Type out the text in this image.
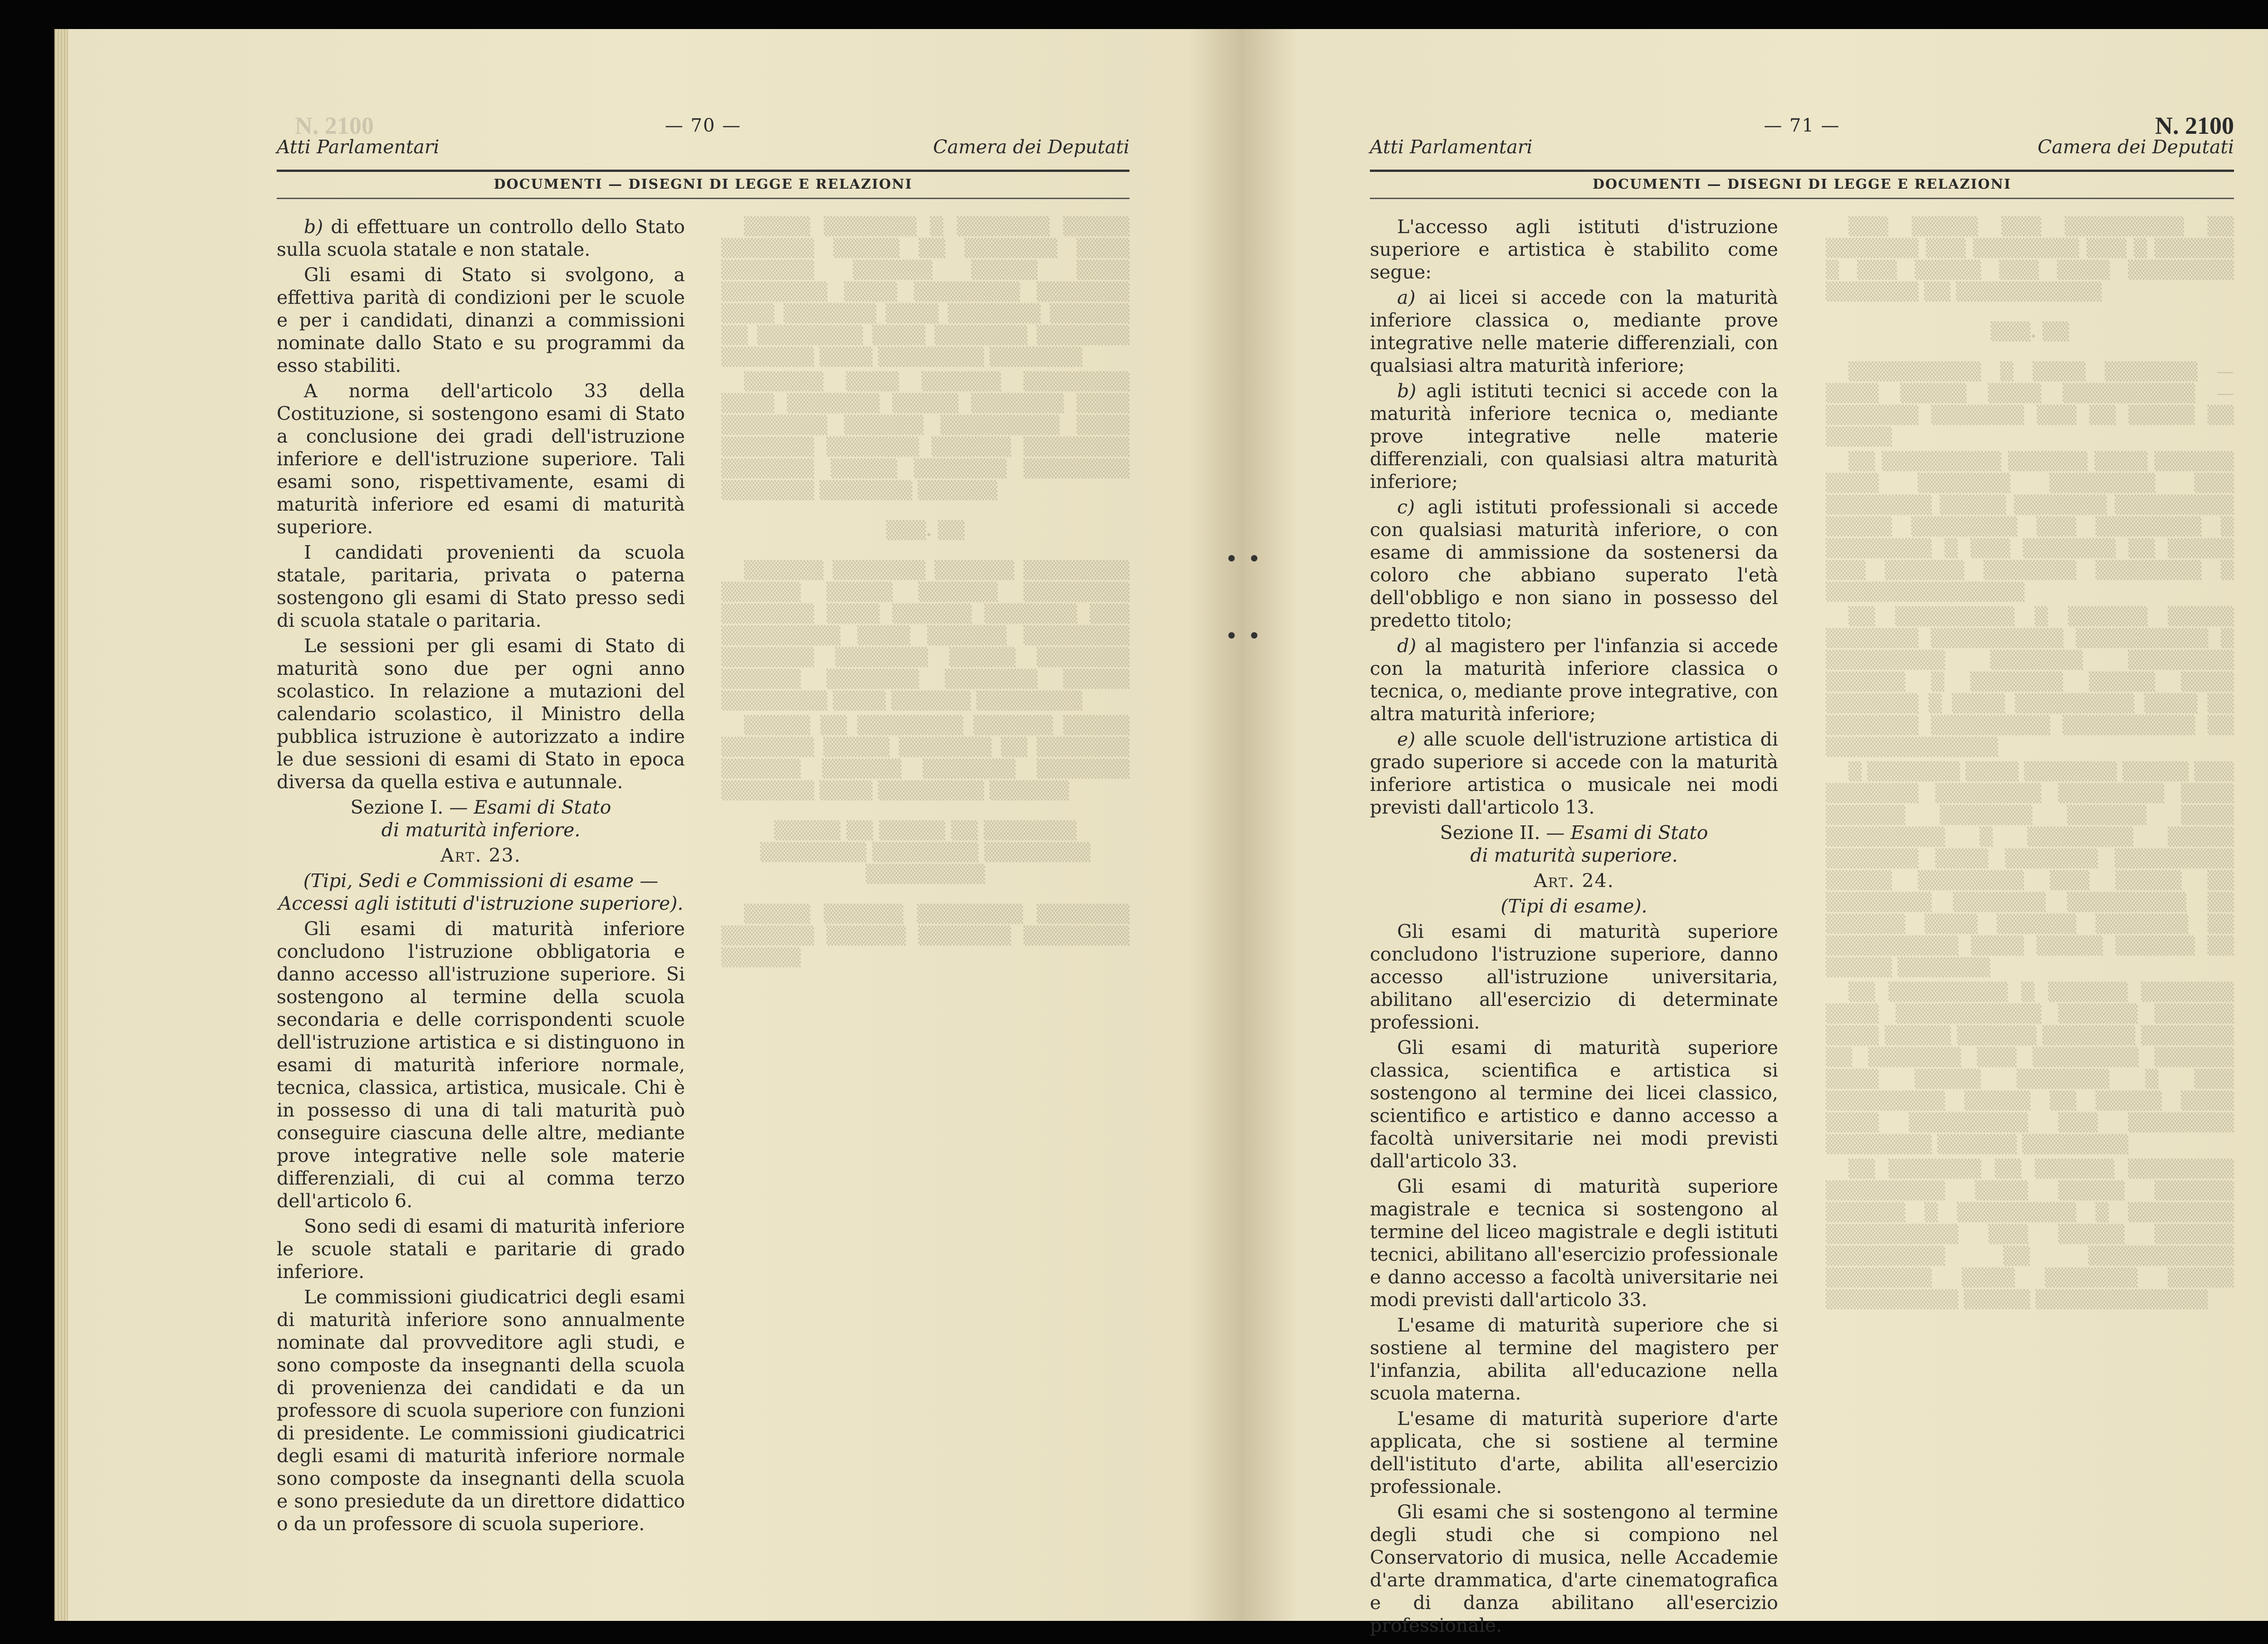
N. 2100	— 70 —
Atti Parlamentari	Camera dei Deputati
DOCUMENTI — DISEGNI DI LEGGE E RELAZIONI

b) di effettuare un controllo dello Stato sulla scuola statale e non statale.

Gli esami di Stato si svolgono, a effettiva parità di condizioni per le scuole e per i candidati, dinanzi a commissioni nominate dallo Stato e su programmi da esso stabiliti.

A norma dell'articolo 33 della Costituzione, si sostengono esami di Stato a conclusione dei gradi dell'istruzione inferiore e dell'istruzione superiore. Tali esami sono, rispettivamente, esami di maturità inferiore ed esami di maturità superiore.

I candidati provenienti da scuola statale, paritaria, privata o paterna sostengono gli esami di Stato presso sedi di scuola statale o paritaria.

Le sessioni per gli esami di Stato di maturità sono due per ogni anno scolastico. In relazione a mutazioni del calendario scolastico, il Ministro della pubblica istruzione è autorizzato a indire le due sessioni di esami di Stato in epoca diversa da quella estiva e autunnale.

Sezione I. — Esami di Stato
di maturità inferiore.

Art. 23.

(Tipi, Sedi e Commissioni di esame —
Accessi agli istituti d'istruzione superiore).

Gli esami di maturità inferiore concludono l'istruzione obbligatoria e danno accesso all'istruzione superiore. Si sostengono al termine della scuola secondaria e delle corrispondenti scuole dell'istruzione artistica e si distinguono in esami di maturità inferiore normale, tecnica, classica, artistica, musicale. Chi è in possesso di una di tali maturità può conseguire ciascuna delle altre, mediante prove integrative nelle sole materie differenziali, di cui al comma terzo dell'articolo 6.

Sono sedi di esami di maturità inferiore le scuole statali e paritarie di grado inferiore.

Le commissioni giudicatrici degli esami di maturità inferiore sono annualmente nominate dal provveditore agli studi, e sono composte da insegnanti della scuola di provenienza dei candidati e da un professore di scuola superiore con funzioni di presidente. Le commissioni giudicatrici degli esami di maturità inferiore normale sono composte da insegnanti della scuola e sono presiedute da un direttore didattico o da un professore di scuola superiore.

▒▒▒▒▒ ▒▒▒▒▒▒▒ ▒ ▒▒▒▒▒▒▒ ▒▒▒▒▒ ▒▒▒▒▒▒▒ ▒▒▒▒▒ ▒▒ ▒▒▒▒▒▒▒ ▒▒▒▒ ▒▒▒▒▒▒▒ ▒▒▒▒▒▒ ▒▒▒▒▒ ▒▒▒▒ ▒▒▒▒▒▒▒▒ ▒▒▒▒ ▒▒▒▒▒▒▒▒ ▒▒▒▒▒▒▒ ▒▒▒▒ ▒▒▒▒▒▒▒ ▒▒▒▒ ▒▒▒▒▒▒▒ ▒▒▒▒▒▒ ▒▒ ▒▒▒▒▒▒▒▒ ▒▒▒▒ ▒▒▒▒▒▒▒ ▒▒▒▒▒▒▒ ▒▒▒▒▒▒▒ ▒▒▒▒ ▒▒▒▒▒▒▒▒ ▒▒▒▒▒▒▒

▒▒▒▒▒▒ ▒▒▒▒ ▒▒▒▒▒▒ ▒▒▒▒▒▒▒▒ ▒▒▒▒ ▒▒▒▒▒▒▒ ▒▒▒▒▒ ▒▒▒▒▒▒▒ ▒▒▒▒ ▒▒▒▒▒▒▒▒ ▒▒▒▒▒▒ ▒▒▒▒▒▒▒▒▒ ▒▒▒▒ ▒▒▒▒▒▒▒ ▒▒▒▒▒▒▒ ▒▒▒▒▒▒ ▒▒▒▒▒▒▒▒ ▒▒▒▒▒▒▒ ▒▒▒▒▒ ▒▒▒▒▒▒▒ ▒▒▒▒▒▒▒▒ ▒▒▒▒▒▒▒ ▒▒▒▒▒▒▒ ▒▒▒▒▒▒

▒▒▒. ▒▒

▒▒▒▒▒▒ ▒▒▒▒▒▒▒ ▒▒▒▒▒▒ ▒▒▒▒▒▒▒▒ ▒▒▒▒▒▒ ▒▒▒▒▒ ▒▒▒▒▒▒ ▒▒▒▒▒▒▒▒ ▒▒▒▒▒▒▒ ▒▒▒▒ ▒▒▒▒▒▒ ▒▒▒▒▒▒▒ ▒▒▒ ▒▒▒▒▒▒▒▒▒ ▒▒▒▒ ▒▒▒▒▒▒ ▒▒▒▒▒▒▒▒ ▒▒▒▒▒▒▒ ▒▒▒▒▒▒▒ ▒▒▒▒▒ ▒▒▒▒▒▒▒ ▒▒▒▒▒▒ ▒▒▒▒▒▒▒ ▒▒▒▒▒▒▒ ▒▒▒▒▒ ▒▒▒▒▒▒▒▒ ▒▒▒▒ ▒▒▒▒▒▒ ▒▒▒▒▒▒▒▒

▒▒▒▒▒ ▒▒ ▒▒▒▒▒▒▒▒ ▒▒▒▒▒▒ ▒▒▒▒▒ ▒▒▒▒▒▒▒ ▒▒▒▒▒ ▒▒▒▒▒▒▒ ▒▒ ▒▒▒▒▒▒▒ ▒▒▒▒▒▒ ▒▒▒▒▒▒ ▒▒▒▒▒▒▒ ▒▒▒▒▒▒▒ ▒▒▒▒▒▒▒ ▒▒▒▒ ▒▒▒▒▒▒▒▒ ▒▒▒▒▒▒

▒▒▒▒▒ ▒▒ ▒▒▒▒▒ ▒▒ ▒▒▒▒▒▒▒ ▒▒▒▒▒▒▒▒ ▒▒▒▒▒▒▒▒ ▒▒▒▒▒▒▒▒ ▒▒▒▒▒▒▒▒▒

▒▒▒▒▒ ▒▒▒▒▒▒ ▒▒▒▒▒▒▒▒ ▒▒▒▒▒▒▒ ▒▒▒▒▒▒▒ ▒▒▒▒▒▒ ▒▒▒▒▒▒▒ ▒▒▒▒▒▒▒▒ ▒▒▒▒▒▒

— 71 —	N. 2100
Atti Parlamentari	Camera dei Deputati
DOCUMENTI — DISEGNI DI LEGGE E RELAZIONI

L'accesso agli istituti d'istruzione superiore e artistica è stabilito come segue:

a) ai licei si accede con la maturità inferiore classica o, mediante prove integrative nelle materie differenziali, con qualsiasi altra maturità inferiore;

b) agli istituti tecnici si accede con la maturità inferiore tecnica o, mediante prove integrative nelle materie differenziali, con qualsiasi altra maturità inferiore;

c) agli istituti professionali si accede con qualsiasi maturità inferiore, o con esame di ammissione da sostenersi da coloro che abbiano superato l'età dell'obbligo e non siano in possesso del predetto titolo;

d) al magistero per l'infanzia si accede con la maturità inferiore classica o tecnica, o, mediante prove integrative, con altra maturità inferiore;

e) alle scuole dell'istruzione artistica di grado superiore si accede con la maturità inferiore artistica o musicale nei modi previsti dall'articolo 13.

Sezione II. — Esami di Stato
di maturità superiore.

Art. 24.

(Tipi di esame).

Gli esami di maturità superiore concludono l'istruzione superiore, danno accesso all'istruzione universitaria, abilitano all'esercizio di determinate professioni.

Gli esami di maturità superiore classica, scientifica e artistica si sostengono al termine dei licei classico, scientifico e artistico e danno accesso a facoltà universitarie nei modi previsti dall'articolo 33.

Gli esami di maturità superiore magistrale e tecnica si sostengono al termine del liceo magistrale e degli istituti tecnici, abilitano all'esercizio professionale e danno accesso a facoltà universitarie nei modi previsti dall'articolo 33.

L'esame di maturità superiore che si sostiene al termine del magistero per l'infanzia, abilita all'educazione nella scuola materna.

L'esame di maturità superiore d'arte applicata, che si sostiene al termine dell'istituto d'arte, abilita all'esercizio professionale.

Gli esami che si sostengono al termine degli studi che si compiono nel Conservatorio di musica, nelle Accademie d'arte drammatica, d'arte cinematografica e di danza abilitano all'esercizio professionale.

▒▒▒ ▒▒▒▒▒ ▒▒▒ ▒▒▒▒▒▒▒▒▒ ▒▒ ▒▒▒▒▒▒▒ ▒▒▒ ▒▒▒▒▒▒▒▒ ▒▒▒ ▒ ▒▒▒▒▒▒ ▒ ▒▒▒ ▒▒▒▒▒ ▒▒▒ ▒▒▒▒ ▒▒▒▒▒▒▒▒ ▒▒▒▒▒▒▒ ▒▒ ▒▒▒▒▒▒▒▒▒▒▒

▒▒▒. ▒▒

▒▒▒▒▒▒▒▒▒▒ ▒ ▒▒▒▒ ▒▒▒▒▒▒▒ — ▒▒▒▒ ▒▒▒▒▒ ▒▒▒▒ ▒▒▒▒▒▒▒▒▒▒ — ▒▒▒▒▒▒▒ ▒▒▒▒▒▒▒ ▒▒▒ ▒▒ ▒▒▒▒▒ ▒▒ ▒▒▒▒▒

▒▒ ▒▒▒▒▒▒▒▒▒ ▒▒▒▒▒▒ ▒▒▒▒ ▒▒▒▒▒▒ ▒▒▒▒ ▒▒▒▒▒▒▒ ▒▒▒▒▒▒▒▒ ▒▒▒ ▒▒▒▒▒▒▒▒ ▒▒▒▒▒ ▒▒▒▒▒▒▒ ▒▒▒▒▒▒▒▒▒ ▒▒▒▒▒ ▒▒▒▒▒▒▒▒ ▒▒▒ ▒▒▒▒▒▒▒▒ ▒ ▒▒▒▒▒▒▒▒ ▒ ▒▒▒ ▒▒▒▒▒▒▒ ▒▒ ▒▒▒▒▒ ▒▒▒ ▒▒▒▒▒▒ ▒▒▒▒▒▒▒ ▒▒▒▒▒▒▒▒ ▒ ▒▒▒▒▒▒▒▒▒▒▒▒▒▒▒

▒▒ ▒▒▒▒▒▒▒▒▒ ▒ ▒▒▒▒▒▒ ▒▒▒▒▒ ▒▒▒▒▒▒▒ ▒▒▒▒▒▒▒▒▒▒ ▒▒▒▒▒▒▒▒▒▒ ▒ ▒▒▒▒▒▒▒▒▒ ▒▒▒▒▒▒▒ ▒▒▒▒▒▒▒▒ ▒▒▒▒▒▒ ▒ ▒▒▒▒▒▒▒ ▒▒▒▒▒ ▒▒▒▒ ▒▒▒▒▒▒▒ ▒ ▒▒▒▒ ▒▒▒▒▒▒▒▒▒ ▒▒▒▒ ▒▒ ▒▒▒▒▒▒▒ ▒▒▒▒▒▒▒▒▒ ▒▒▒▒▒▒▒▒▒▒ ▒▒ ▒▒▒▒▒▒▒▒▒▒▒▒▒

▒ ▒▒▒▒▒▒▒ ▒▒▒▒ ▒▒▒▒▒▒▒ ▒▒▒▒▒ ▒▒▒ ▒▒▒▒▒▒▒ ▒▒▒▒▒▒▒▒ ▒▒▒▒▒▒▒▒ ▒▒▒▒ ▒▒▒▒▒▒ ▒▒▒▒▒▒▒ ▒▒▒▒▒▒ ▒▒▒▒ ▒▒▒▒▒▒▒▒▒ ▒ ▒▒▒▒▒▒▒▒ ▒▒▒▒▒ ▒▒▒▒▒▒▒ ▒▒▒▒ ▒▒▒▒▒▒▒ ▒▒▒▒▒▒▒▒▒ ▒▒▒▒▒ ▒▒▒▒▒▒▒▒ ▒▒▒ ▒▒▒▒▒ ▒▒ ▒▒▒▒▒▒▒▒ ▒▒▒▒▒▒▒ ▒▒▒▒▒▒▒▒▒ ▒▒ ▒▒▒▒▒▒ ▒▒▒▒ ▒▒▒▒▒▒ ▒▒▒▒▒▒▒ ▒▒ ▒▒▒▒▒▒▒▒▒▒ ▒▒▒▒ ▒▒▒▒▒ ▒▒▒▒▒▒ ▒▒ ▒▒▒▒▒ ▒▒▒▒▒▒▒

▒▒ ▒▒▒▒▒▒▒▒▒ ▒ ▒▒▒▒▒▒ ▒▒▒▒▒▒▒ ▒▒▒▒ ▒▒▒▒▒▒▒▒▒▒▒ ▒▒▒▒▒▒ ▒▒▒▒▒▒ ▒▒▒▒ ▒▒▒▒▒ ▒▒▒▒▒▒ ▒▒▒▒▒▒▒ ▒▒▒▒▒▒▒ ▒▒ ▒▒▒▒▒▒▒ ▒▒▒ ▒▒▒▒▒▒▒▒ ▒▒▒▒▒▒ ▒▒▒▒ ▒▒▒▒▒ ▒▒▒▒▒▒▒ ▒ ▒▒▒ ▒▒▒▒▒▒▒▒▒ ▒▒▒▒▒ ▒▒ ▒▒▒▒▒ ▒▒▒▒ ▒▒▒▒ ▒▒▒▒▒▒▒▒▒ ▒▒▒ ▒▒▒▒▒▒▒▒ ▒▒▒▒▒▒▒▒ ▒▒▒▒▒▒ ▒▒▒▒▒▒▒▒

▒▒ ▒▒▒▒▒▒▒ ▒▒ ▒▒▒▒▒▒ ▒▒▒▒▒▒▒▒ ▒▒▒▒▒▒▒▒▒ ▒▒▒▒ ▒▒▒▒▒ ▒▒▒▒▒▒ ▒▒▒▒▒▒ ▒ ▒▒▒▒▒▒▒▒▒ ▒ ▒▒▒▒▒▒▒▒ ▒▒▒▒▒▒▒▒▒▒ ▒▒▒ ▒▒▒▒▒ ▒▒▒▒▒▒ ▒▒▒▒▒▒▒▒▒ ▒▒ ▒▒▒▒▒▒▒▒▒▒▒ ▒▒▒▒▒▒▒▒ ▒▒▒▒ ▒▒▒▒▒▒▒ ▒▒▒▒▒ ▒▒▒▒▒▒▒▒▒▒ ▒▒▒▒▒ ▒▒▒▒▒▒▒▒▒▒▒▒▒
